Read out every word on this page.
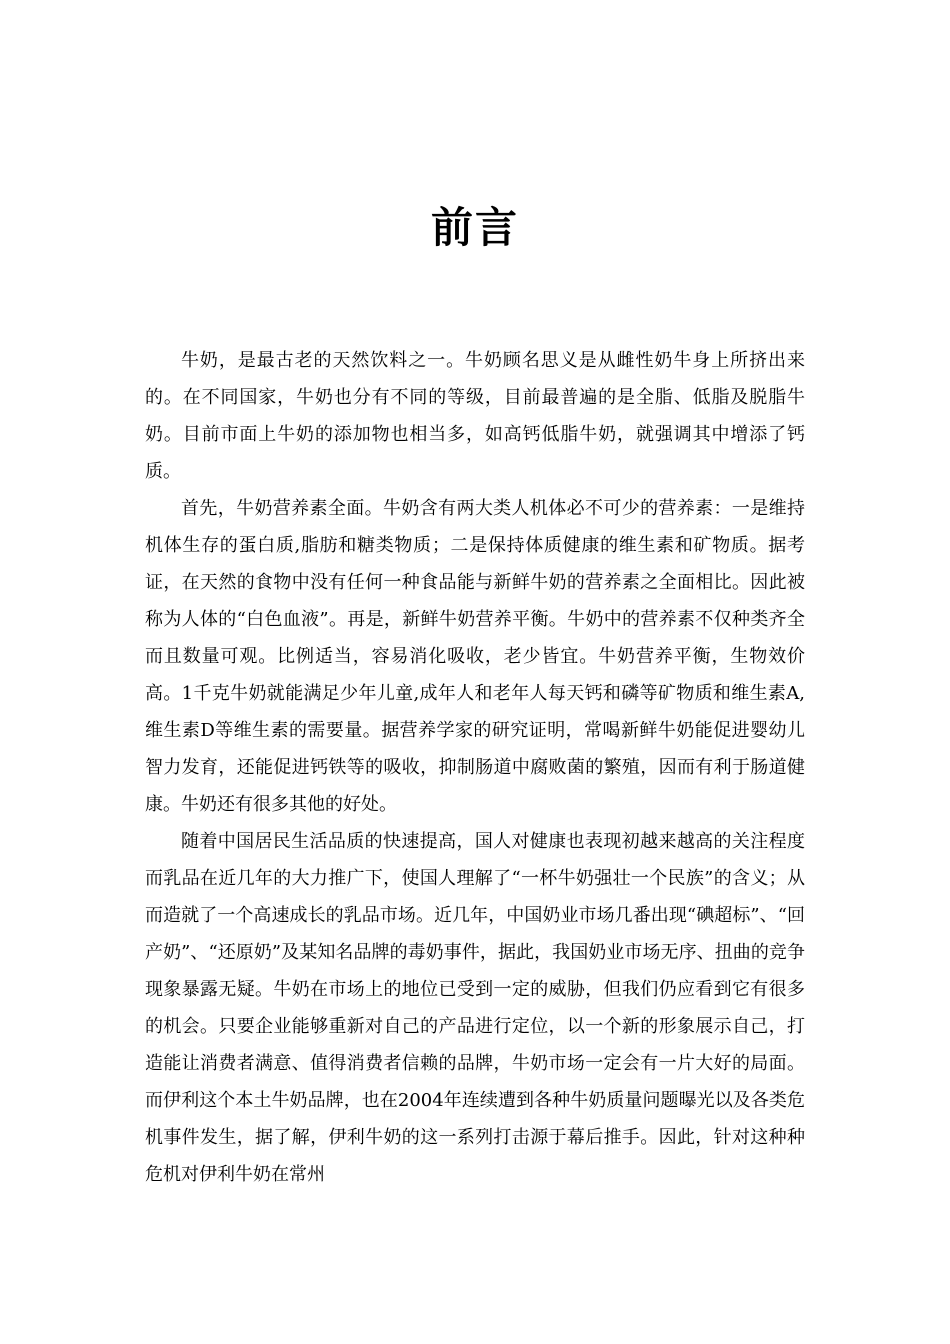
前言

牛奶，是最古老的天然饮料之一。牛奶顾名思义是从雌性奶牛身上所挤出来的。在不同国家，牛奶也分有不同的等级，目前最普遍的是全脂、低脂及脱脂牛奶。目前市面上牛奶的添加物也相当多，如高钙低脂牛奶，就强调其中增添了钙质。

首先，牛奶营养素全面。牛奶含有两大类人机体必不可少的营养素：一是维持机体生存的蛋白质,脂肪和糖类物质；二是保持体质健康的维生素和矿物质。据考证，在天然的食物中没有任何一种食品能与新鲜牛奶的营养素之全面相比。因此被称为人体的“白色血液”。再是，新鲜牛奶营养平衡。牛奶中的营养素不仅种类齐全而且数量可观。比例适当，容易消化吸收，老少皆宜。牛奶营养平衡，生物效价高。1千克牛奶就能满足少年儿童,成年人和老年人每天钙和磷等矿物质和维生素A,维生素D等维生素的需要量。据营养学家的研究证明，常喝新鲜牛奶能促进婴幼儿智力发育，还能促进钙铁等的吸收，抑制肠道中腐败菌的繁殖，因而有利于肠道健康。牛奶还有很多其他的好处。

随着中国居民生活品质的快速提高，国人对健康也表现初越来越高的关注程度而乳品在近几年的大力推广下，使国人理解了“一杯牛奶强壮一个民族”的含义；从而造就了一个高速成长的乳品市场。近几年，中国奶业市场几番出现“碘超标”、“回产奶”、“还原奶”及某知名品牌的毒奶事件，据此，我国奶业市场无序、扭曲的竞争现象暴露无疑。牛奶在市场上的地位已受到一定的威胁，但我们仍应看到它有很多的机会。只要企业能够重新对自己的产品进行定位，以一个新的形象展示自己，打造能让消费者满意、值得消费者信赖的品牌，牛奶市场一定会有一片大好的局面。而伊利这个本土牛奶品牌，也在2004年连续遭到各种牛奶质量问题曝光以及各类危机事件发生，据了解，伊利牛奶的这一系列打击源于幕后推手。因此，针对这种种危机对伊利牛奶在常州
